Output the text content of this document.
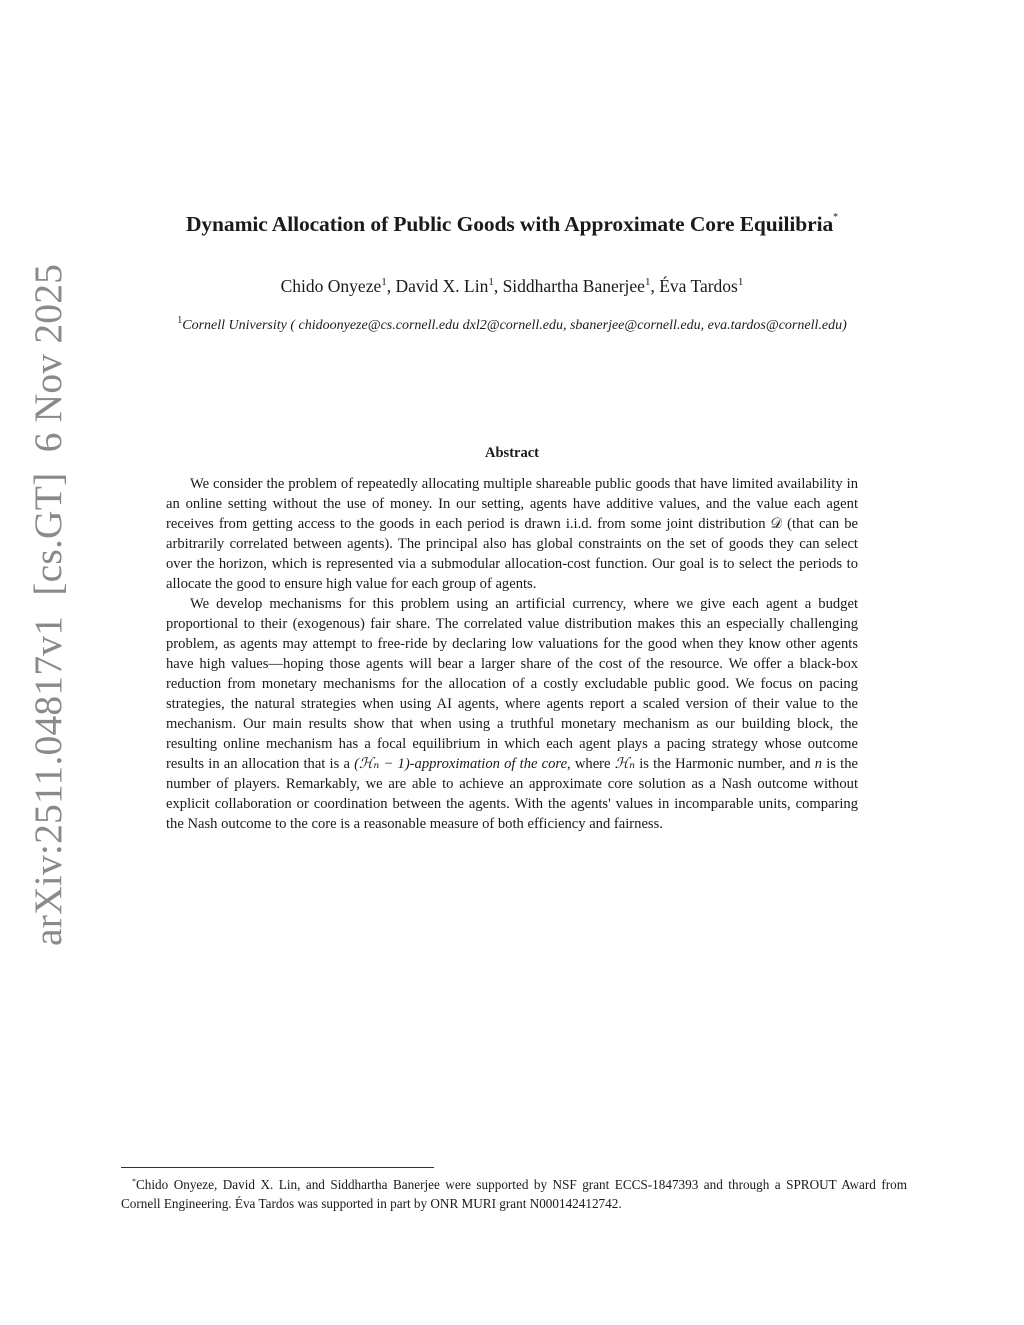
arXiv:2511.04817v1  [cs.GT]  6 Nov 2025
Dynamic Allocation of Public Goods with Approximate Core Equilibria*
Chido Onyeze$^1$, David X. Lin$^1$, Siddhartha Banerjee$^1$, Éva Tardos$^1$
$^1$Cornell University ( chidoonyeze@cs.cornell.edu dxl2@cornell.edu, sbanerjee@cornell.edu, eva.tardos@cornell.edu)
Abstract

We consider the problem of repeatedly allocating multiple shareable public goods that have limited availability in an online setting without the use of money. In our setting, agents have additive values, and the value each agent receives from getting access to the goods in each period is drawn i.i.d. from some joint distribution 𝒟 (that can be arbitrarily correlated between agents). The principal also has global constraints on the set of goods they can select over the horizon, which is represented via a submodular allocation-cost function. Our goal is to select the periods to allocate the good to ensure high value for each group of agents.

We develop mechanisms for this problem using an artificial currency, where we give each agent a budget proportional to their (exogenous) fair share. The correlated value distribution makes this an especially challenging problem, as agents may attempt to free-ride by declaring low valuations for the good when they know other agents have high values—hoping those agents will bear a larger share of the cost of the resource. We offer a black-box reduction from monetary mechanisms for the allocation of a costly excludable public good. We focus on pacing strategies, the natural strategies when using AI agents, where agents report a scaled version of their value to the mechanism. Our main results show that when using a truthful monetary mechanism as our building block, the resulting online mechanism has a focal equilibrium in which each agent plays a pacing strategy whose outcome results in an allocation that is a (ℋₙ − 1)-approximation of the core, where ℋₙ is the Harmonic number, and n is the number of players. Remarkably, we are able to achieve an approximate core solution as a Nash outcome without explicit collaboration or coordination between the agents. With the agents' values in incomparable units, comparing the Nash outcome to the core is a reasonable measure of both efficiency and fairness.

*Chido Onyeze, David X. Lin, and Siddhartha Banerjee were supported by NSF grant ECCS-1847393 and through a SPROUT Award from Cornell Engineering. Éva Tardos was supported in part by ONR MURI grant N000142412742.
